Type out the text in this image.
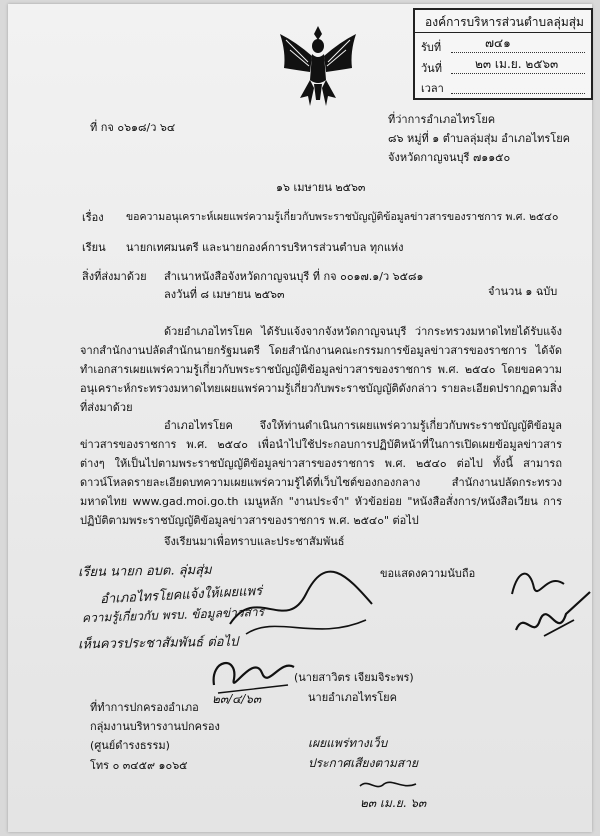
องค์การบริหารส่วนตำบลลุ่มสุ่ม
รับที่	๗๔๑
วันที่	๒๓ เม.ย. ๒๕๖๓
เวลา
ที่ กจ ๐๖๑๘/ว ๖๔
ที่ว่าการอำเภอไทรโยค
๘๖ หมู่ที่ ๑ ตำบลลุ่มสุ่ม อำเภอไทรโยค
จังหวัดกาญจนบุรี ๗๑๑๕๐
๑๖ เมษายน ๒๕๖๓
เรื่อง ขอความอนุเคราะห์เผยแพร่ความรู้เกี่ยวกับพระราชบัญญัติข้อมูลข่าวสารของราชการ พ.ศ. ๒๕๔๐
เรียน นายกเทศมนตรี และนายกองค์การบริหารส่วนตำบล ทุกแห่ง
สิ่งที่ส่งมาด้วย สำเนาหนังสือจังหวัดกาญจนบุรี ที่ กจ ๐๐๑๗.๑/ว ๖๕๘๑
ลงวันที่ ๘ เมษายน ๒๕๖๓	จำนวน ๑ ฉบับ
ด้วยอำเภอไทรโยค ได้รับแจ้งจากจังหวัดกาญจนบุรี ว่ากระทรวงมหาดไทยได้รับแจ้งจากสำนักงานปลัดสำนักนายกรัฐมนตรี โดยสำนักงานคณะกรรมการข้อมูลข่าวสารของราชการ ได้จัดทำเอกสารเผยแพร่ความรู้เกี่ยวกับพระราชบัญญัติข้อมูลข่าวสารของราชการ พ.ศ. ๒๕๔๐ โดยขอความอนุเคราะห์กระทรวงมหาดไทยเผยแพร่ความรู้เกี่ยวกับพระราชบัญญัติดังกล่าว รายละเอียดปรากฏตามสิ่งที่ส่งมาด้วย
อำเภอไทรโยค จึงให้ท่านดำเนินการเผยแพร่ความรู้เกี่ยวกับพระราชบัญญัติข้อมูลข่าวสารของราชการ พ.ศ. ๒๕๔๐ เพื่อนำไปใช้ประกอบการปฏิบัติหน้าที่ในการเปิดเผยข้อมูลข่าวสารต่างๆ ให้เป็นไปตามพระราชบัญญัติข้อมูลข่าวสารของราชการ พ.ศ. ๒๕๔๐ ต่อไป ทั้งนี้ สามารถดาวน์โหลดรายละเอียดบทความเผยแพร่ความรู้ได้ที่เว็บไซต์ของกองกลาง สำนักงานปลัดกระทรวงมหาดไทย www.gad.moi.go.th เมนูหลัก "งานประจำ" หัวข้อย่อย "หนังสือสั่งการ/หนังสือเวียน การปฏิบัติตามพระราชบัญญัติข้อมูลข่าวสารของราชการ พ.ศ. ๒๕๔๐" ต่อไป
จึงเรียนมาเพื่อทราบและประชาสัมพันธ์
ขอแสดงความนับถือ
เรียน นายก อบต. ลุ่มสุ่ม
อำเภอไทรโยคแจ้งให้เผยแพร่
ความรู้เกี่ยวกับ พรบ. ข้อมูลข่าวสาร
เห็นควรประชาสัมพันธ์ ต่อไป
๒๓/๔/๖๓
(นายสาวิตร เจียมจิระพร)
นายอำเภอไทรโยค
เผยแพร่ทางเว็บ
ประกาศเสียงตามสาย
๒๓ เม.ย. ๖๓
ที่ทำการปกครองอำเภอ
กลุ่มงานบริหารงานปกครอง
(ศูนย์ดำรงธรรม)
โทร ๐ ๓๔๕๙ ๑๐๖๕
